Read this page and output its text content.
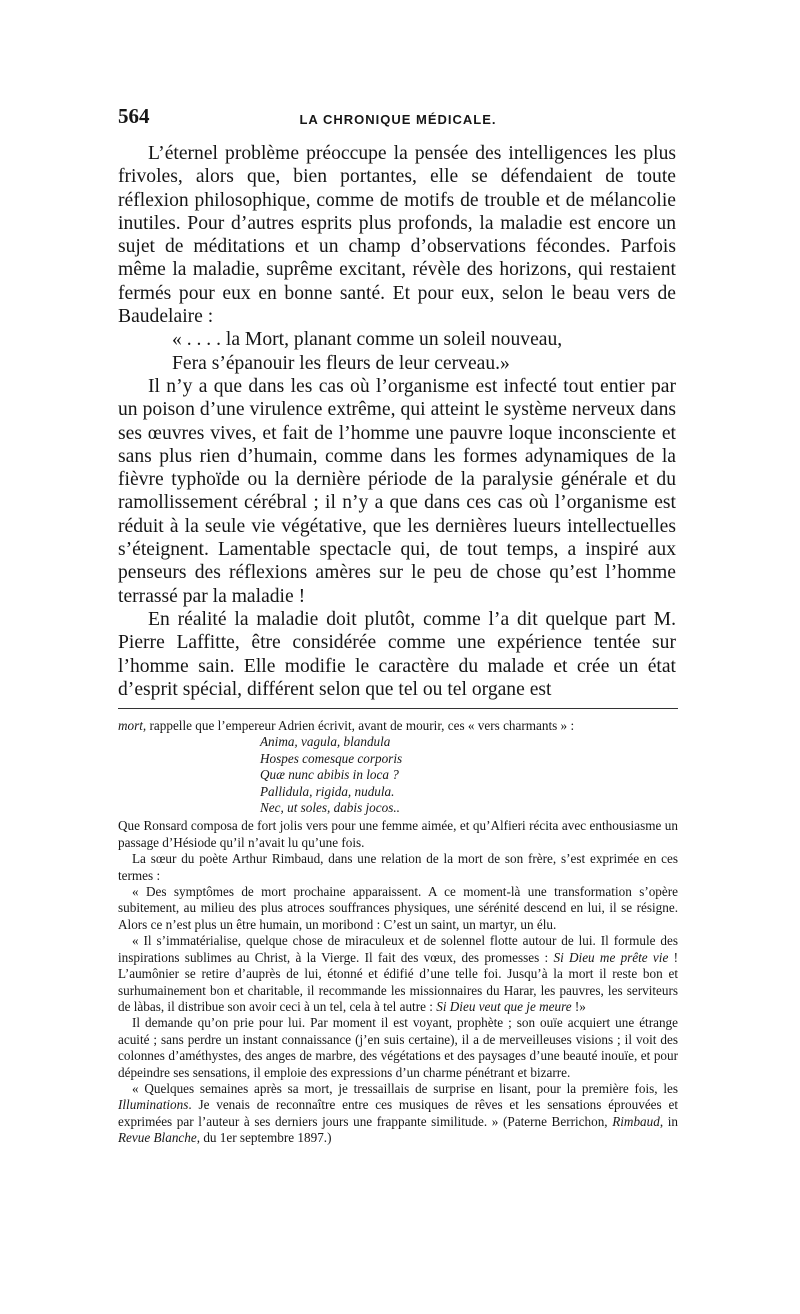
564	LA CHRONIQUE MÉDICALE.

L’éternel problème préoccupe la pensée des intelligences les plus frivoles, alors que, bien portantes, elle se défendaient de toute réflexion philosophique, comme de motifs de trouble et de mélancolie inutiles. Pour d’autres esprits plus profonds, la maladie est encore un sujet de méditations et un champ d’observations fécondes. Parfois même la maladie, suprême excitant, révèle des horizons, qui restaient fermés pour eux en bonne santé. Et pour eux, selon le beau vers de Baudelaire :

« . . . . la Mort, planant comme un soleil nouveau,
Fera s’épanouir les fleurs de leur cerveau.»

Il n’y a que dans les cas où l’organisme est infecté tout entier par un poison d’une virulence extrême, qui atteint le système nerveux dans ses œuvres vives, et fait de l’homme une pauvre loque inconsciente et sans plus rien d’humain, comme dans les formes adynamiques de la fièvre typhoïde ou la dernière période de la paralysie générale et du ramollissement cérébral ; il n’y a que dans ces cas où l’organisme est réduit à la seule vie végétative, que les dernières lueurs intellectuelles s’éteignent. Lamentable spectacle qui, de tout temps, a inspiré aux penseurs des réflexions amères sur le peu de chose qu’est l’homme terrassé par la maladie !

En réalité la maladie doit plutôt, comme l’a dit quelque part M. Pierre Laffitte, être considérée comme une expérience tentée sur l’homme sain. Elle modifie le caractère du malade et crée un état d’esprit spécial, différent selon que tel ou tel organe est

mort, rappelle que l’empereur Adrien écrivit, avant de mourir, ces « vers charmants » :

Anima, vagula, blandula
Hospes comesque corporis
Quæ nunc abibis in loca ?
Pallidula, rigida, nudula.
Nec, ut soles, dabis jocos..

Que Ronsard composa de fort jolis vers pour une femme aimée, et qu’Alfieri récita avec enthousiasme un passage d’Hésiode qu’il n’avait lu qu’une fois.

La sœur du poète Arthur Rimbaud, dans une relation de la mort de son frère, s’est exprimée en ces termes :

« Des symptômes de mort prochaine apparaissent. A ce moment-là une transformation s’opère subitement, au milieu des plus atroces souffrances physiques, une sérénité descend en lui, il se résigne. Alors ce n’est plus un être humain, un moribond : C’est un saint, un martyr, un élu.

« Il s’immatérialise, quelque chose de miraculeux et de solennel flotte autour de lui. Il formule des inspirations sublimes au Christ, à la Vierge. Il fait des vœux, des promesses : Si Dieu me prête vie ! L’aumônier se retire d’auprès de lui, étonné et édifié d’une telle foi. Jusqu’à la mort il reste bon et surhumainement bon et charitable, il recommande les missionnaires du Harar, les pauvres, les serviteurs de làbas, il distribue son avoir ceci à un tel, cela à tel autre : Si Dieu veut que je meure !»

Il demande qu’on prie pour lui. Par moment il est voyant, prophète ; son ouïe acquiert une étrange acuité ; sans perdre un instant connaissance (j’en suis certaine), il a de merveilleuses visions ; il voit des colonnes d’améthystes, des anges de marbre, des végétations et des paysages d’une beauté inouïe, et pour dépeindre ses sensations, il emploie des expressions d’un charme pénétrant et bizarre.

« Quelques semaines après sa mort, je tressaillais de surprise en lisant, pour la première fois, les Illuminations. Je venais de reconnaître entre ces musiques de rêves et les sensations éprouvées et exprimées par l’auteur à ses derniers jours une frappante similitude. » (Paterne Berrichon, Rimbaud, in Revue Blanche, du 1er septembre 1897.)
